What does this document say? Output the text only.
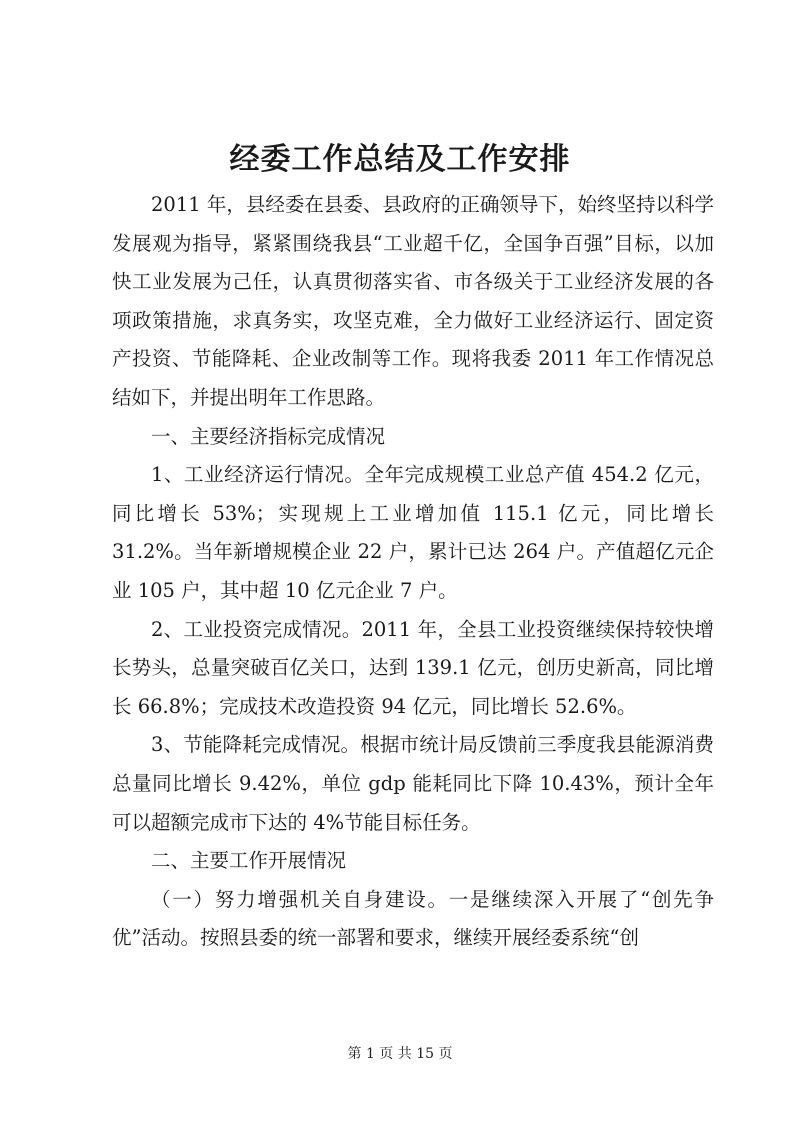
经委工作总结及工作安排

2011 年，县经委在县委、县政府的正确领导下，始终坚持以科学发展观为指导，紧紧围绕我县“工业超千亿，全国争百强”目标，以加快工业发展为己任，认真贯彻落实省、市各级关于工业经济发展的各项政策措施，求真务实，攻坚克难，全力做好工业经济运行、固定资产投资、节能降耗、企业改制等工作。现将我委 2011 年工作情况总结如下，并提出明年工作思路。

一、主要经济指标完成情况

1、工业经济运行情况。全年完成规模工业总产值 454.2 亿元，同比增长 53%；实现规上工业增加值 115.1 亿元，同比增长 31.2%。当年新增规模企业 22 户，累计已达 264 户。产值超亿元企业 105 户，其中超 10 亿元企业 7 户。

2、工业投资完成情况。2011 年，全县工业投资继续保持较快增长势头，总量突破百亿关口，达到 139.1 亿元，创历史新高，同比增长 66.8%；完成技术改造投资 94 亿元，同比增长 52.6%。

3、节能降耗完成情况。根据市统计局反馈前三季度我县能源消费总量同比增长 9.42%，单位 gdp 能耗同比下降 10.43%，预计全年可以超额完成市下达的 4%节能目标任务。

二、主要工作开展情况

（一）努力增强机关自身建设。一是继续深入开展了“创先争优”活动。按照县委的统一部署和要求，继续开展经委系统“创

第 1 页 共 15 页
